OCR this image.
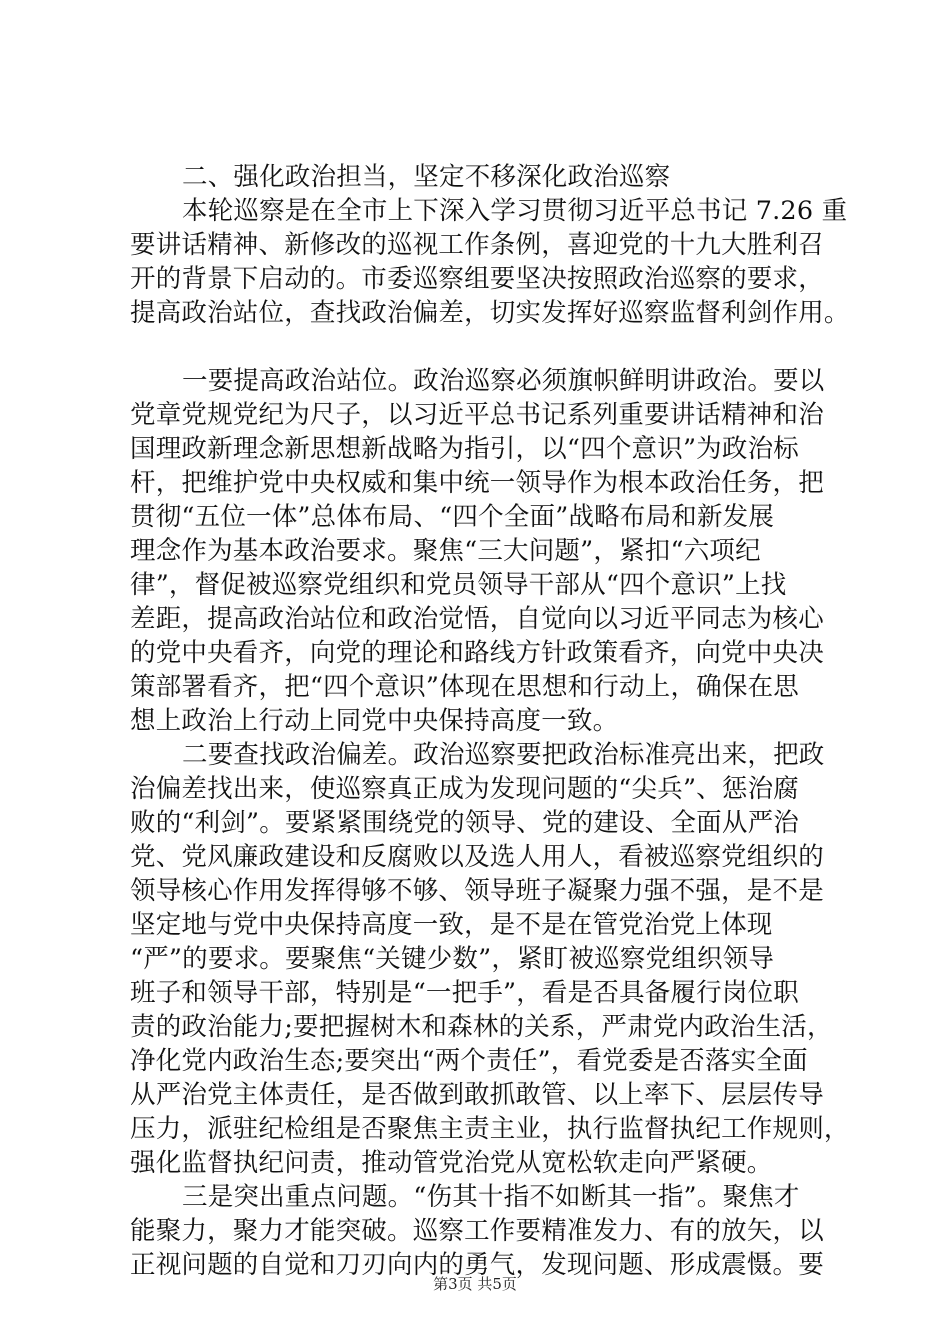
二、强化政治担当，坚定不移深化政治巡察
本轮巡察是在全市上下深入学习贯彻习近平总书记 7.26 重
要讲话精神、新修改的巡视工作条例，喜迎党的十九大胜利召
开的背景下启动的。市委巡察组要坚决按照政治巡察的要求，
提高政治站位，查找政治偏差，切实发挥好巡察监督利剑作用。
一要提高政治站位。政治巡察必须旗帜鲜明讲政治。要以
党章党规党纪为尺子，以习近平总书记系列重要讲话精神和治
国理政新理念新思想新战略为指引，以“四个意识”为政治标
杆，把维护党中央权威和集中统一领导作为根本政治任务，把
贯彻“五位一体”总体布局、“四个全面”战略布局和新发展
理念作为基本政治要求。聚焦“三大问题”，紧扣“六项纪
律”，督促被巡察党组织和党员领导干部从“四个意识”上找
差距，提高政治站位和政治觉悟，自觉向以习近平同志为核心
的党中央看齐，向党的理论和路线方针政策看齐，向党中央决
策部署看齐，把“四个意识”体现在思想和行动上，确保在思
想上政治上行动上同党中央保持高度一致。
二要查找政治偏差。政治巡察要把政治标准亮出来，把政
治偏差找出来，使巡察真正成为发现问题的“尖兵”、惩治腐
败的“利剑”。要紧紧围绕党的领导、党的建设、全面从严治
党、党风廉政建设和反腐败以及选人用人，看被巡察党组织的
领导核心作用发挥得够不够、领导班子凝聚力强不强，是不是
坚定地与党中央保持高度一致，是不是在管党治党上体现
“严”的要求。要聚焦“关键少数”，紧盯被巡察党组织领导
班子和领导干部，特别是“一把手”，看是否具备履行岗位职
责的政治能力;要把握树木和森林的关系，严肃党内政治生活，
净化党内政治生态;要突出“两个责任”，看党委是否落实全面
从严治党主体责任，是否做到敢抓敢管、以上率下、层层传导
压力，派驻纪检组是否聚焦主责主业，执行监督执纪工作规则，
强化监督执纪问责，推动管党治党从宽松软走向严紧硬。
三是突出重点问题。“伤其十指不如断其一指”。聚焦才
能聚力，聚力才能突破。巡察工作要精准发力、有的放矢，以
正视问题的自觉和刀刃向内的勇气，发现问题、形成震慑。要
第3页 共5页
